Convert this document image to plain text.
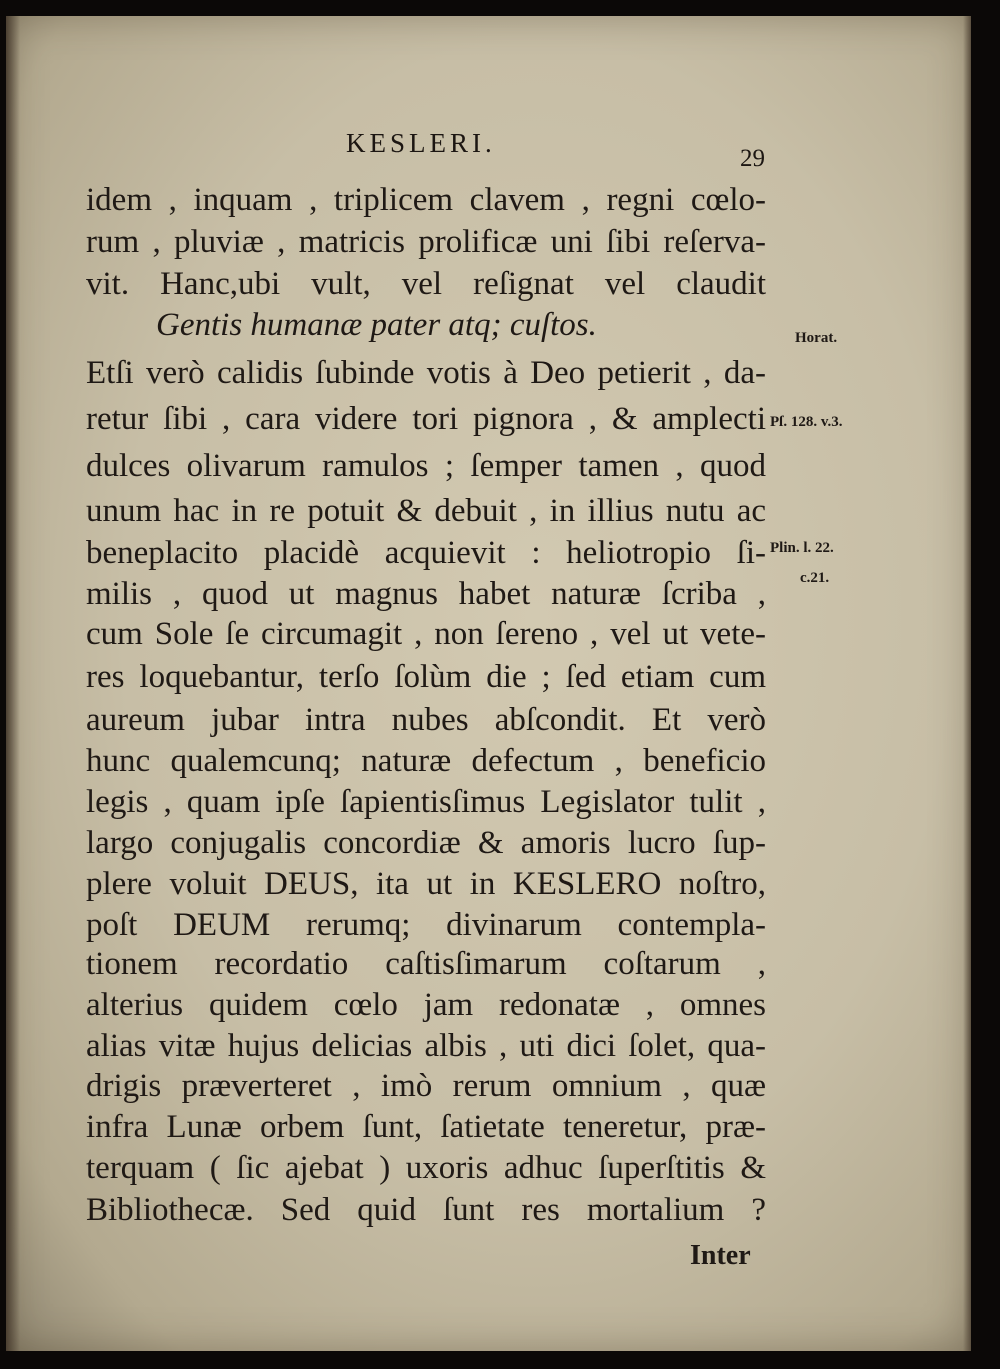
KESLERI.
29
idem , inquam , triplicem clavem , regni cœlo-
rum , pluviæ , matricis prolificæ uni ſibi reſerva-
vit. Hanc,ubi vult, vel reſignat vel claudit
Gentis humanæ pater atq; cuſtos.
Etſi verò calidis ſubinde votis à Deo petierit , da-
retur ſibi , cara videre tori pignora , & amplecti
dulces olivarum ramulos ; ſemper tamen , quod
unum hac in re potuit & debuit , in illius nutu ac
beneplacito placidè acquievit : heliotropio ſi-
milis , quod ut magnus habet naturæ ſcriba ,
cum Sole ſe circumagit , non ſereno , vel ut vete-
res loquebantur, terſo ſolùm die ; ſed etiam cum
aureum jubar intra nubes abſcondit. Et verò
hunc qualemcunq; naturæ defectum , beneficio
legis , quam ipſe ſapientisſimus Legislator tulit ,
largo conjugalis concordiæ & amoris lucro ſup-
plere voluit DEUS, ita ut in KESLERO noſtro,
poſt DEUM rerumq; divinarum contempla-
tionem recordatio caſtisſimarum coſtarum ,
alterius quidem cœlo jam redonatæ , omnes
alias vitæ hujus delicias albis , uti dici ſolet, qua-
drigis præverteret , imò rerum omnium , quæ
infra Lunæ orbem ſunt, ſatietate teneretur, præ-
terquam ( ſic ajebat ) uxoris adhuc ſuperſtitis &
Bibliothecæ. Sed quid ſunt res mortalium ?
Inter
Horat.
Pſ. 128. v.3.
Plin. l. 22.
c.21.
